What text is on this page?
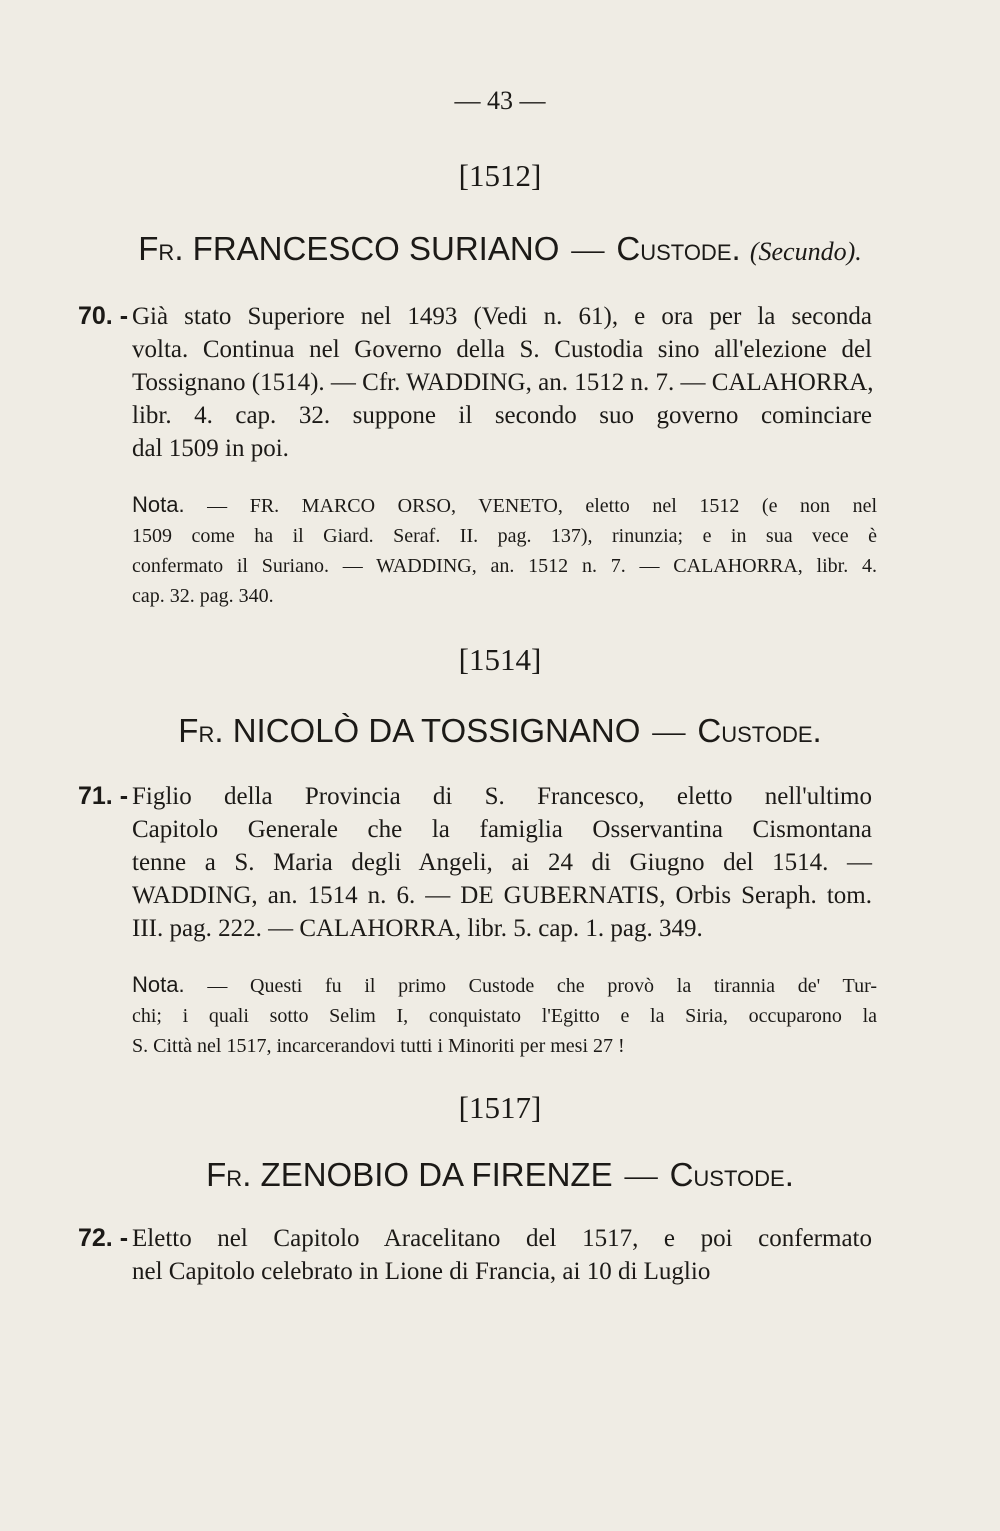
— 43 —
[1512]
FR. FRANCESCO SURIANO — CUSTODE. (Secundo).
70. - Già stato Superiore nel 1493 (Vedi n. 61), e ora per la seconda
volta. Continua nel Governo della S. Custodia sino all'elezione del
Tossignano (1514). — Cfr. WADDING, an. 1512 n. 7. — CALAHORRA,
libr. 4. cap. 32. suppone il secondo suo governo cominciare
dal 1509 in poi.
Nota. — FR. MARCO ORSO, VENETO, eletto nel 1512 (e non nel
1509 come ha il Giard. Seraf. II. pag. 137), rinunzia; e in sua vece è
confermato il Suriano. — WADDING, an. 1512 n. 7. — CALAHORRA, libr. 4.
cap. 32. pag. 340.
[1514]
FR. NICOLÒ DA TOSSIGNANO — CUSTODE.
71. - Figlio della Provincia di S. Francesco, eletto nell'ultimo
Capitolo Generale che la famiglia Osservantina Cismontana
tenne a S. Maria degli Angeli, ai 24 di Giugno del 1514. —
WADDING, an. 1514 n. 6. — DE GUBERNATIS, Orbis Seraph. tom.
III. pag. 222. — CALAHORRA, libr. 5. cap. 1. pag. 349.
Nota. — Questi fu il primo Custode che provò la tirannia de' Tur-
chi; i quali sotto Selim I, conquistato l'Egitto e la Siria, occuparono la
S. Città nel 1517, incarcerandovi tutti i Minoriti per mesi 27 !
[1517]
FR. ZENOBIO DA FIRENZE — CUSTODE.
72. - Eletto nel Capitolo Aracelitano del 1517, e poi confermato
nel Capitolo celebrato in Lione di Francia, ai 10 di Luglio
